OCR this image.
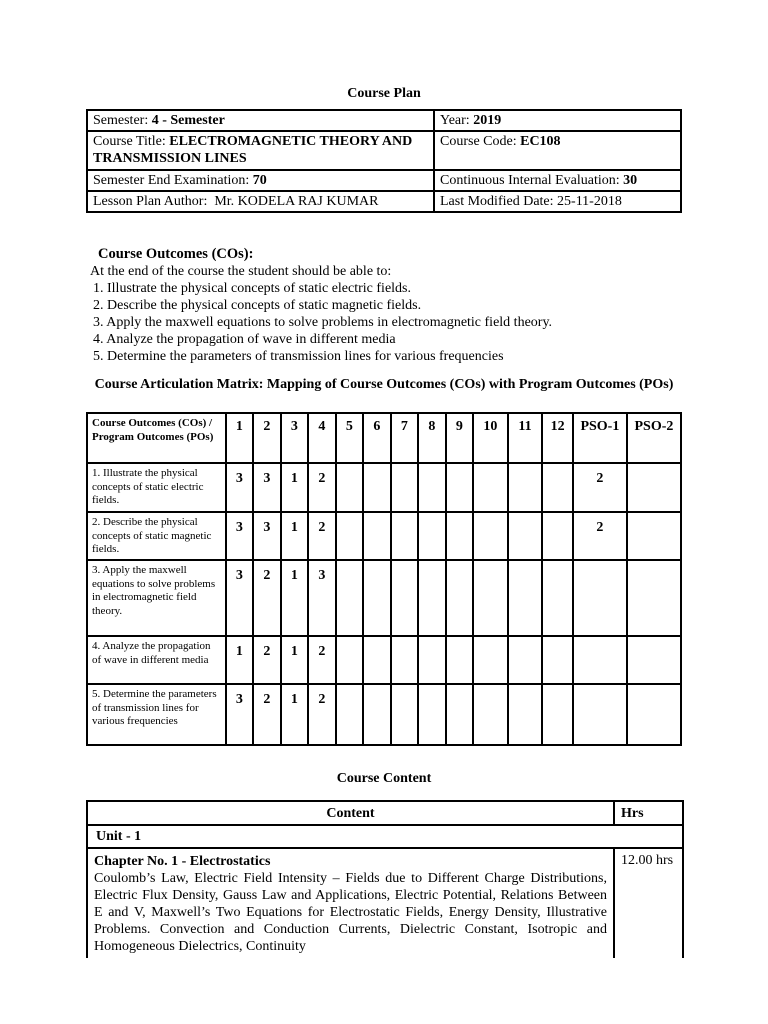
Course Plan
Semester: 4 - Semester	Year: 2019
Course Title: ELECTROMAGNETIC THEORY AND TRANSMISSION LINES	Course Code: EC108
Semester End Examination: 70	Continuous Internal Evaluation: 30
Lesson Plan Author: Mr. KODELA RAJ KUMAR	Last Modified Date: 25-11-2018
Course Outcomes (COs):
At the end of the course the student should be able to:
1. Illustrate the physical concepts of static electric fields.
2. Describe the physical concepts of static magnetic fields.
3. Apply the maxwell equations to solve problems in electromagnetic field theory.
4. Analyze the propagation of wave in different media
5. Determine the parameters of transmission lines for various frequencies
Course Articulation Matrix: Mapping of Course Outcomes (COs) with Program Outcomes (POs)
Course Outcomes (COs) / Program Outcomes (POs)	1	2	3	4	5	6	7	8	9	10	11	12	PSO-1	PSO-2
1. Illustrate the physical concepts of static electric fields.	3	3	1	2									2	
2. Describe the physical concepts of static magnetic fields.	3	3	1	2									2	
3. Apply the maxwell equations to solve problems in electromagnetic field theory.	3	2	1	3										
4. Analyze the propagation of wave in different media	1	2	1	2										
5. Determine the parameters of transmission lines for various frequencies	3	2	1	2										
Course Content
Content	Hrs
Unit - 1	

Chapter No. 1 - Electrostatics
Coulomb’s Law, Electric Field Intensity – Fields due to Different Charge Distributions, Electric Flux Density, Gauss Law and Applications, Electric Potential, Relations Between E and V, Maxwell’s Two Equations for Electrostatic Fields, Energy Density, Illustrative Problems. Convection and Conduction Currents, Dielectric Constant, Isotropic and Homogeneous Dielectrics, Continuity	12.00 hrs
